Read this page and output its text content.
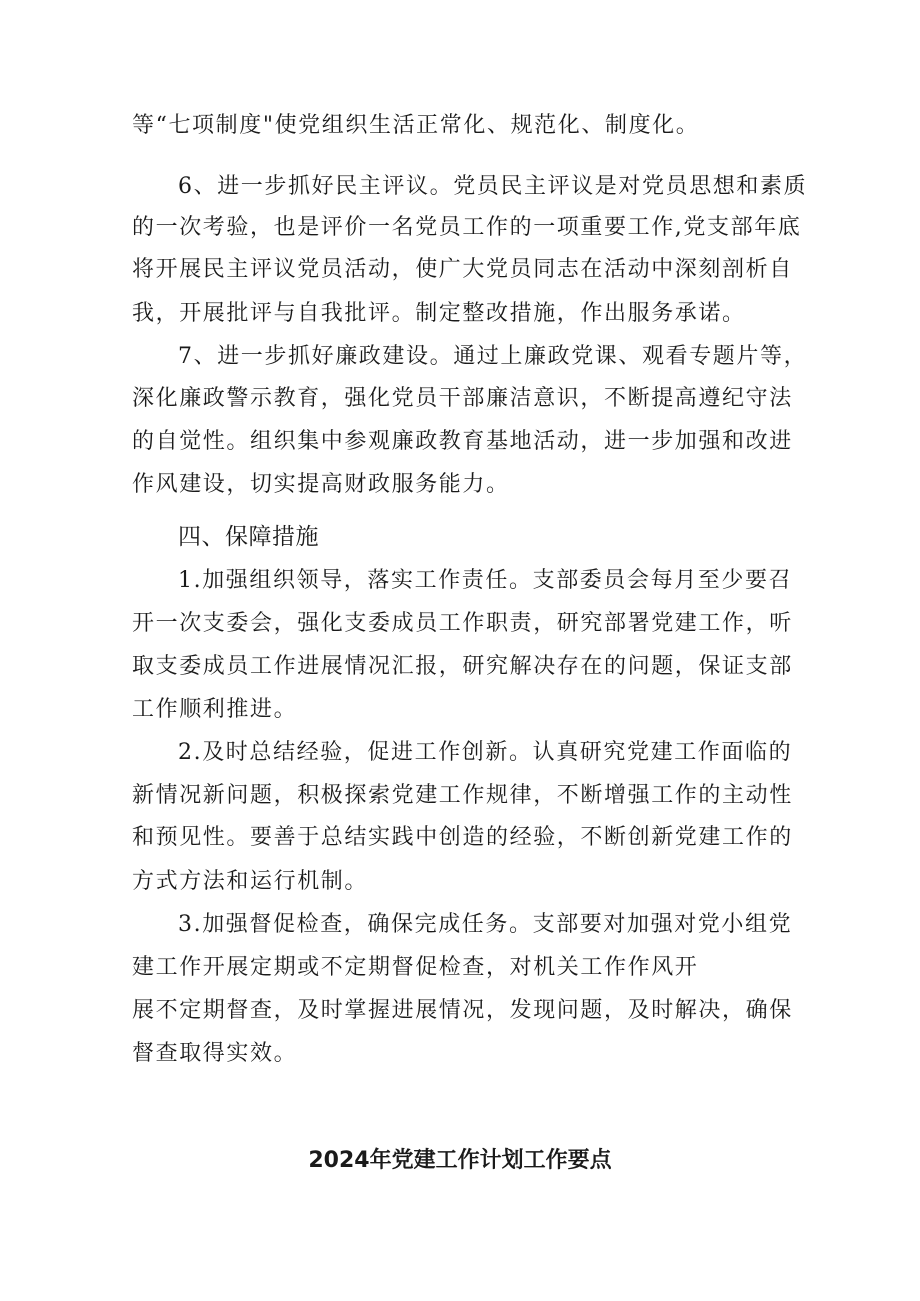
等“七项制度"使党组织生活正常化、规范化、制度化。
6、进一步抓好民主评议。党员民主评议是对党员思想和素质
的一次考验，也是评价一名党员工作的一项重要工作,党支部年底
将开展民主评议党员活动，使广大党员同志在活动中深刻剖析自
我，开展批评与自我批评。制定整改措施，作出服务承诺。
7、进一步抓好廉政建设。通过上廉政党课、观看专题片等，
深化廉政警示教育，强化党员干部廉洁意识，不断提高遵纪守法
的自觉性。组织集中参观廉政教育基地活动，进一步加强和改进
作风建设，切实提高财政服务能力。
四、保障措施
1.加强组织领导，落实工作责任。支部委员会每月至少要召
开一次支委会，强化支委成员工作职责，研究部署党建工作，听
取支委成员工作进展情况汇报，研究解决存在的问题，保证支部
工作顺利推进。
2.及时总结经验，促进工作创新。认真研究党建工作面临的
新情况新问题，积极探索党建工作规律，不断增强工作的主动性
和预见性。要善于总结实践中创造的经验，不断创新党建工作的
方式方法和运行机制。
3.加强督促检查，确保完成任务。支部要对加强对党小组党
建工作开展定期或不定期督促检查，对机关工作作风开
展不定期督查，及时掌握进展情况，发现问题，及时解决，确保
督查取得实效。
2024年党建工作计划工作要点
